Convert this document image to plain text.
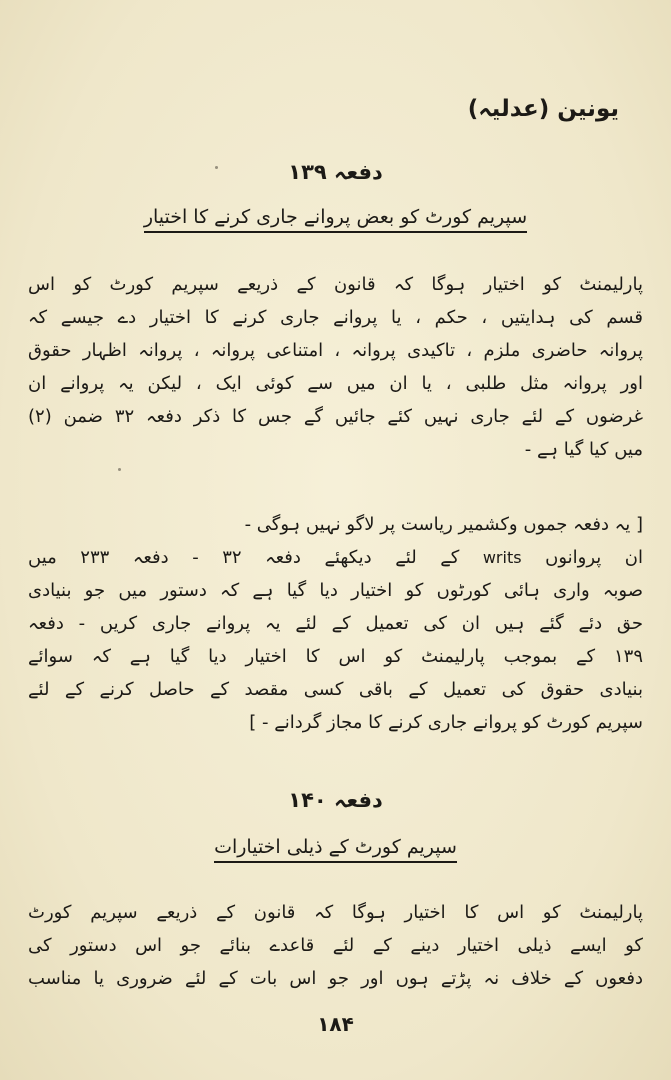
یونین (عدلیہ)
دفعہ ۱۳۹
سپریم کورٹ کو بعض پروانے جاری کرنے کا اختیار
پارلیمنٹ کو اختیار ہوگا کہ قانون کے ذریعے سپریم کورٹ کو اس
قسم کی ہدایتیں ، حکم ، یا پروانے جاری کرنے کا اختیار دے جیسے کہ
پروانہ حاضری ملزم ، تاکیدی پروانہ ، امتناعی پروانہ ، پروانہ اظہار حقوق
اور پروانہ مثل طلبی ، یا ان میں سے کوئی ایک ، لیکن یہ پروانے ان
غرضوں کے لئے جاری نہیں کئے جائیں گے جس کا ذکر دفعہ ۳۲ ضمن (۲)
میں کیا گیا ہے -
[ یہ دفعہ جموں وکشمیر ریاست پر لاگو نہیں ہوگی -
ان پروانوں writs کے لئے دیکھئے دفعہ ۳۲ - دفعہ ۲۳۳ میں
صوبہ واری ہائی کورٹوں کو اختیار دیا گیا ہے کہ دستور میں جو بنیادی
حق دئے گئے ہیں ان کی تعمیل کے لئے یہ پروانے جاری کریں - دفعہ
۱۳۹ کے بموجب پارلیمنٹ کو اس کا اختیار دیا گیا ہے کہ سوائے
بنیادی حقوق کی تعمیل کے باقی کسی مقصد کے حاصل کرنے کے لئے
سپریم کورٹ کو پروانے جاری کرنے کا مجاز گردانے - ]
دفعہ ۱۴۰
سپریم کورٹ کے ذیلی اختیارات
پارلیمنٹ کو اس کا اختیار ہوگا کہ قانون کے ذریعے سپریم کورٹ
کو ایسے ذیلی اختیار دینے کے لئے قاعدے بنائے جو اس دستور کی
دفعوں کے خلاف نہ پڑتے ہوں اور جو اس بات کے لئے ضروری یا مناسب
۱۸۴
